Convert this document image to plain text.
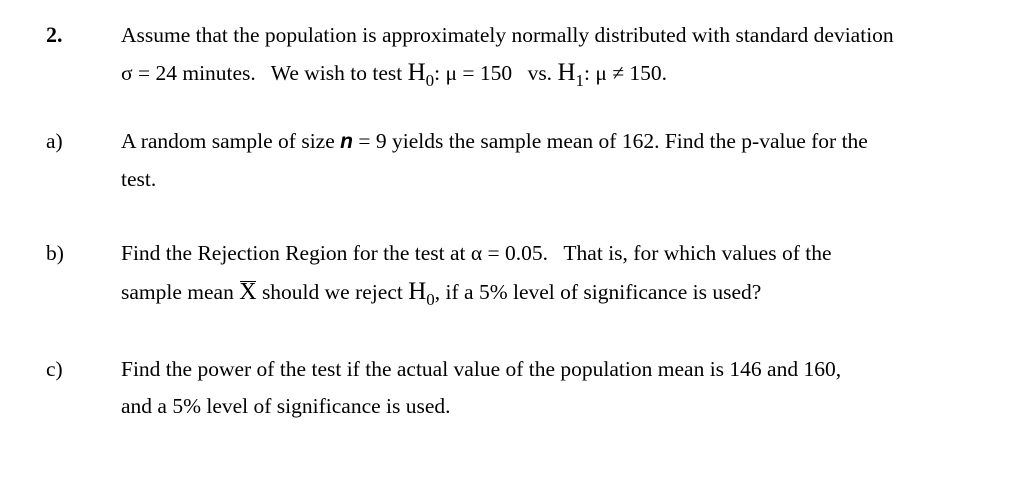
2.	Assume that the population is approximately normally distributed with standard deviation
σ = 24 minutes. We wish to test $H_0$: μ = 150 vs. $H_1$: μ ≠ 150.
a)	A random sample of size n = 9 yields the sample mean of 162. Find the p-value for the
test.
b)	Find the Rejection Region for the test at α = 0.05. That is, for which values of the
sample mean X should we reject $H_0$, if a 5% level of significance is used?
c)	Find the power of the test if the actual value of the population mean is 146 and 160,
and a 5% level of significance is used.
